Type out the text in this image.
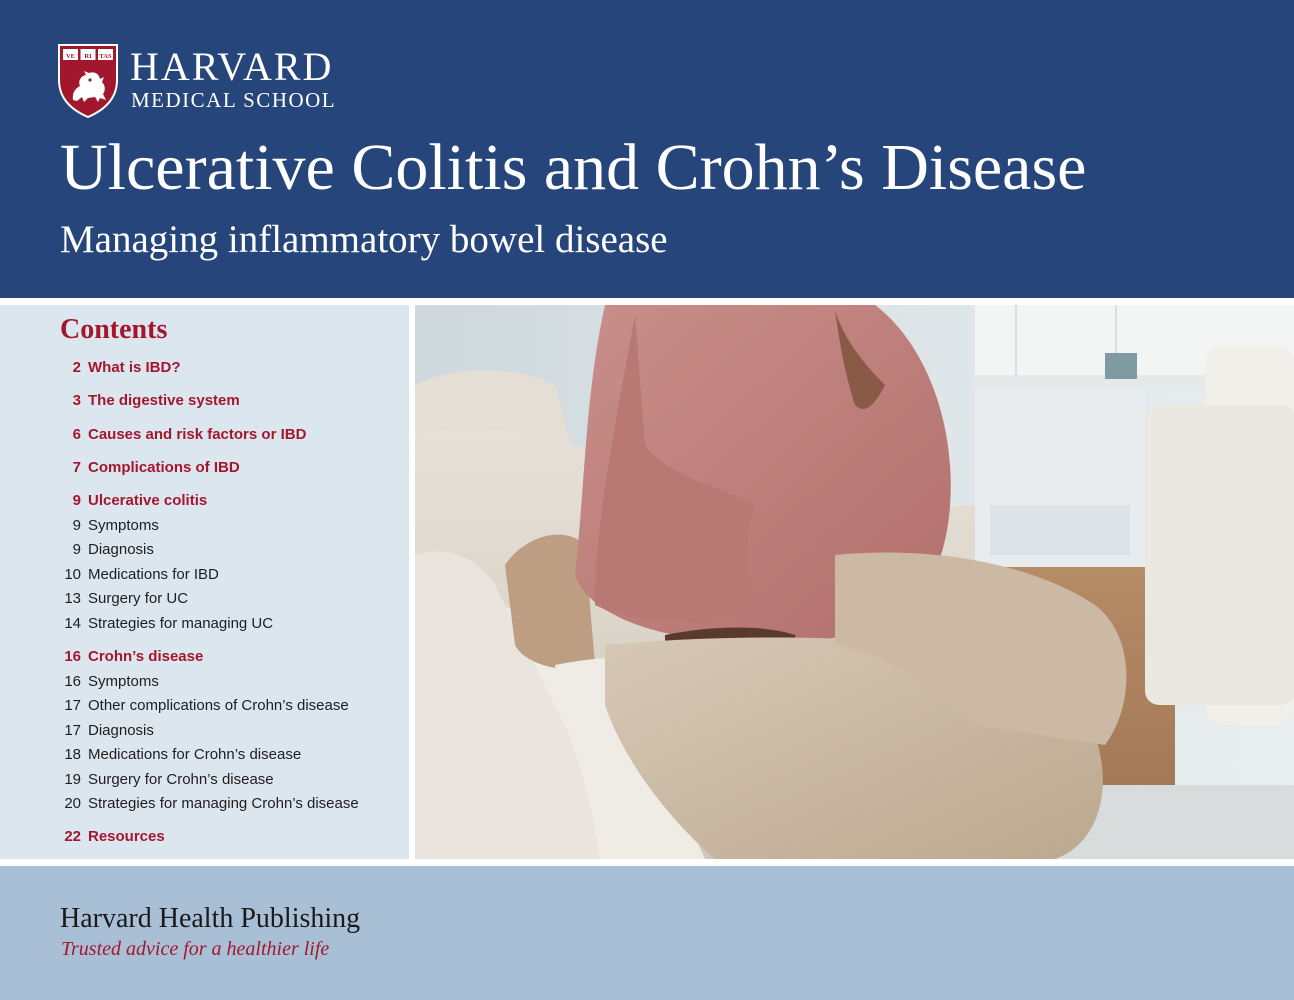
VE RI TAS HARVARD
MEDICAL SCHOOL
Ulcerative Colitis and Crohn’s Disease
Managing inflammatory bowel disease
Contents
2 What is IBD?
3 The digestive system
6 Causes and risk factors or IBD
7 Complications of IBD
9 Ulcerative colitis
9 Symptoms
9 Diagnosis
10 Medications for IBD
13 Surgery for UC
14 Strategies for managing UC
16 Crohn’s disease
16 Symptoms
17 Other complications of Crohn’s disease
17 Diagnosis
18 Medications for Crohn’s disease
19 Surgery for Crohn’s disease
20 Strategies for managing Crohn’s disease
22 Resources
Harvard Health Publishing
Trusted advice for a healthier life
